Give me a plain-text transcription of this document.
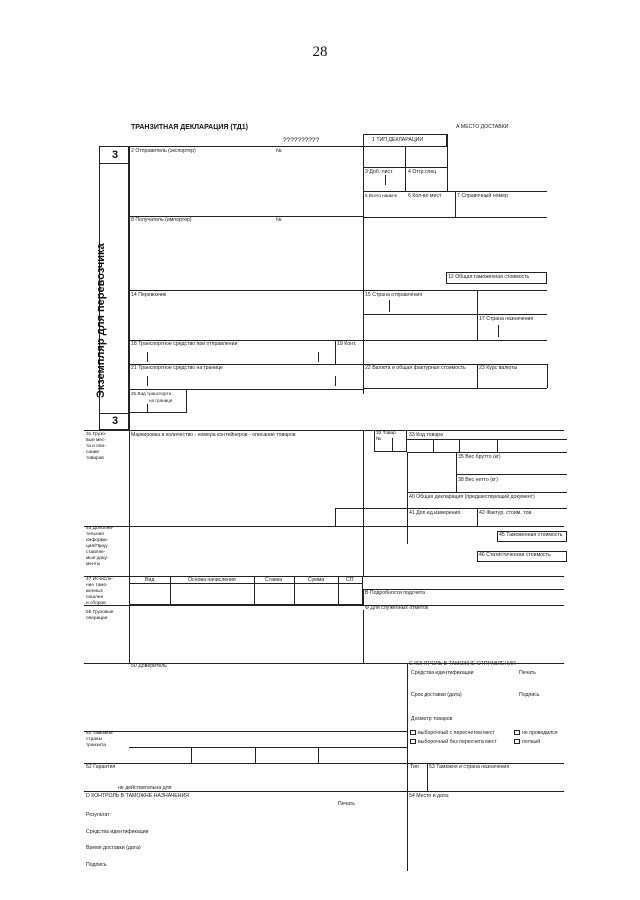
28
ТРАНЗИТНАЯ ДЕКЛАРАЦИЯ (ТД1)
??????????
А МЕСТО ДОСТАВКИ
1 ТИП ДЕКЛАРАЦИИ
3
3
Экземпляр для перевозчика
2 Отправитель (экспортер)	№
3 Доб. лист	4 Отгр.спец
5 Всего наим-в 6 Кол-во мест	7 Справочный номер
8 Получатель (импортер)	№
12 Общая таможенная стоимость
14 Перевозчик	15 Страна отправления
17 Страна назначения
18 Транспортное средство при отправлении	19 Конт.
21 Транспортное средство на границе	22 Валюта и общая фактурная стоимость	23 Курс валюты
25 Вид транспорта
на границе
31 Грузо-
вые мес-
та и опи-
сание
товаров
Маркировка и количество - номера контейнеров - описание товаров	32 Товар
№
33 Код товара
35 Вес брутто (кг)
38 Вес нетто (кг)
40 Общая декларация (предшествующий документ)
41 Доп.ед.измерения	42 Фактур. стоим. тов
44 Дополни-
тельная
информа-
ция/Пред-
ставляе-
мые доку-
менты
45 Таможенная стоимость
46 Статистическая стоимость
47 Исчисле-
ние тамо-
женных
пошлин
и сборов
Вид	Основа начисления	Ставка	Сумма	СП
В Подробности подсчета
Ф Для служебных отметок
55 Грузовые
операции
50 Доверитель	С КОНТРОЛЬ В ТАМОЖНЕ ОТПРАВЛЕНИЯ
Средства идентификации	Печать
Срок доставки (дата)	Подпись
Досмотр товаров
выборочный с пересчетом мест
выборочный без пересчета мест
не проводился
полный
51 Таможни
страны
транзита
52 Гарантия
не действительна для
Тип 53 Таможня и страна назначения
D КОНТРОЛЬ В ТАМОЖНЕ НАЗНАЧЕНИЯ
Печать
Результат:
Средства идентификации
Время доставки (дата)
Подпись
54 Место и дата:
